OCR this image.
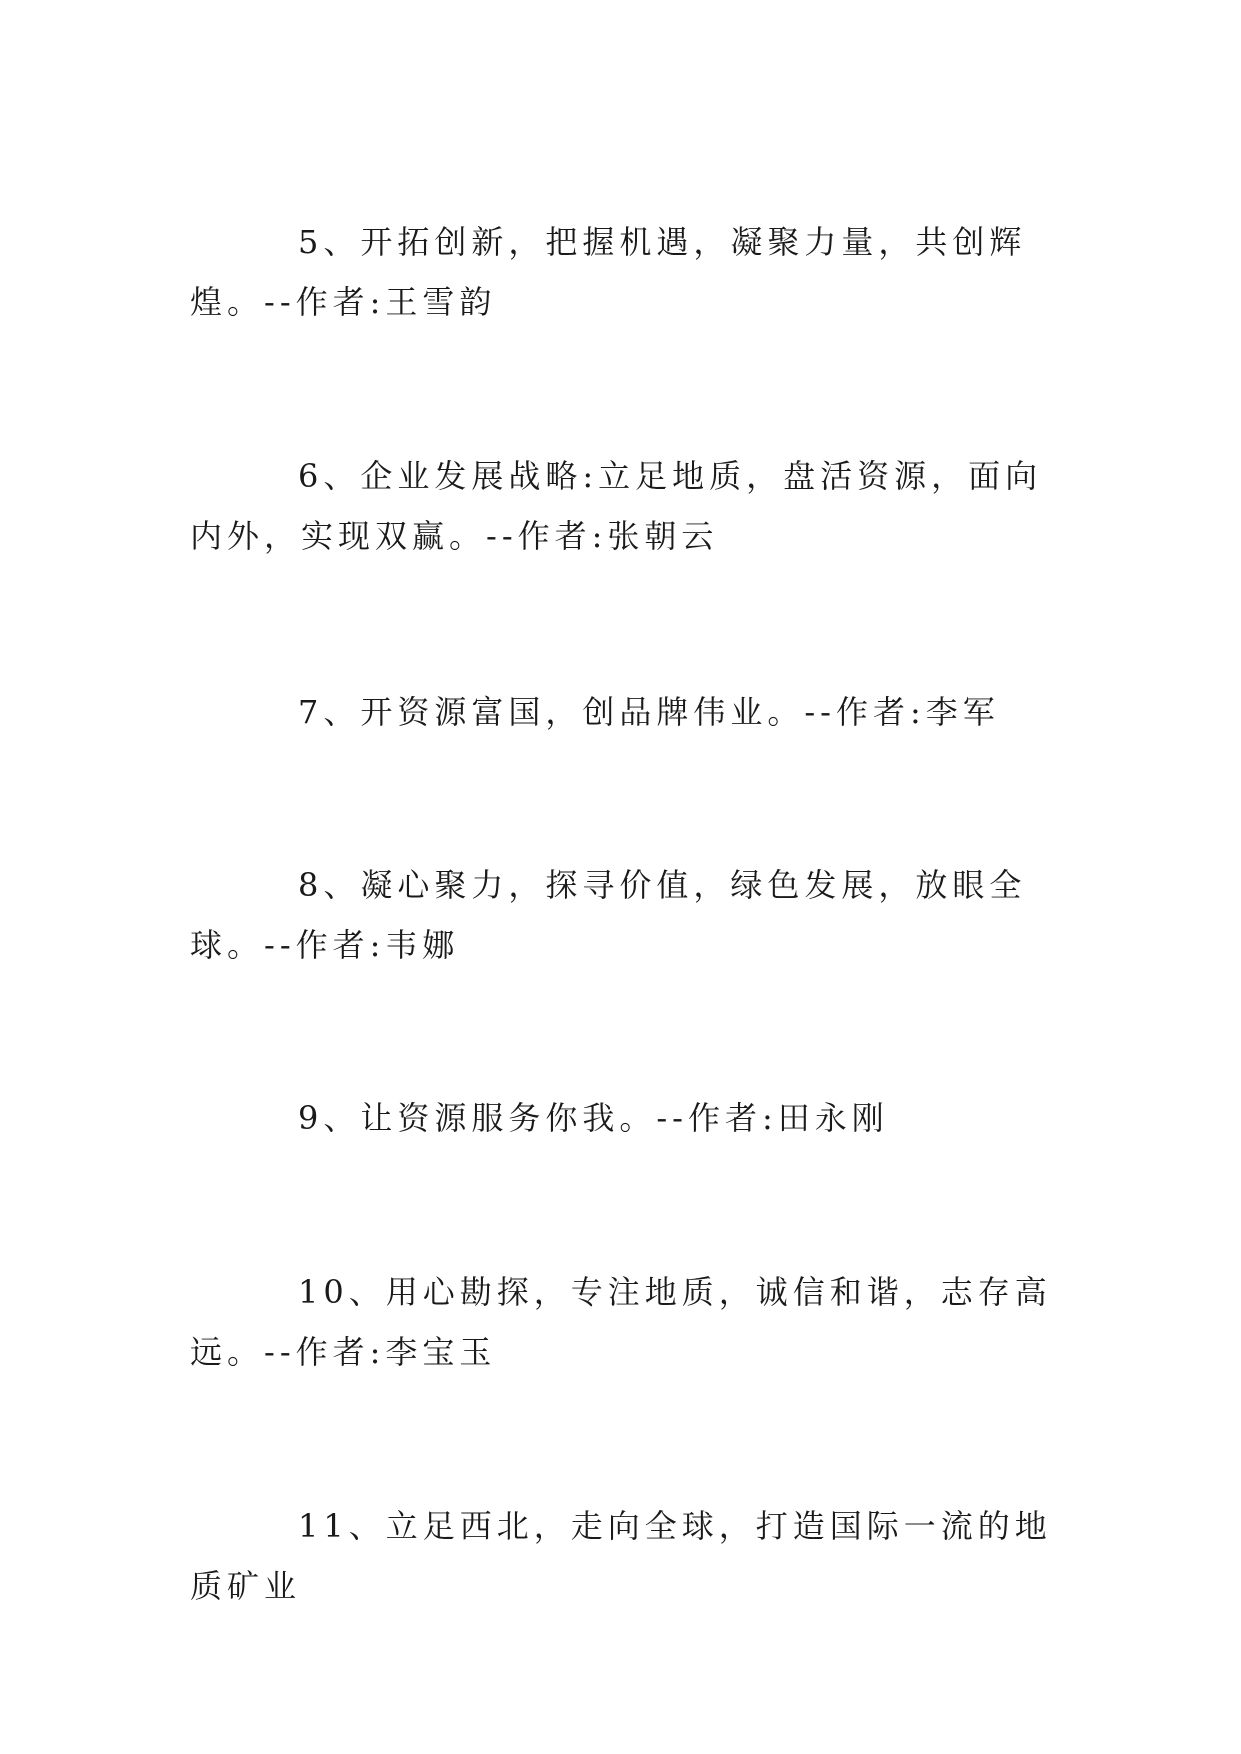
5、开拓创新，把握机遇，凝聚力量，共创辉煌。--作者:王雪韵

6、企业发展战略:立足地质，盘活资源，面向内外，实现双赢。--作者:张朝云

7、开资源富国，创品牌伟业。--作者:李军

8、凝心聚力，探寻价值，绿色发展，放眼全球。--作者:韦娜

9、让资源服务你我。--作者:田永刚

10、用心勘探，专注地质，诚信和谐，志存高远。--作者:李宝玉

11、立足西北，走向全球，打造国际一流的地质矿业
